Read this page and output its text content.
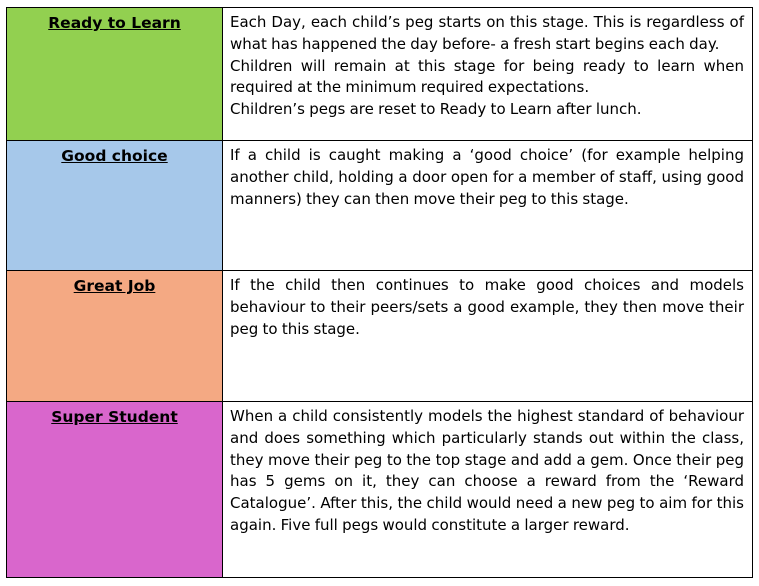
Ready to Learn	Each Day, each child’s peg starts on this stage. This is regardless of what has happened the day before- a fresh start begins each day.
Children will remain at this stage for being ready to learn when required at the minimum required expectations.
Children’s pegs are reset to Ready to Learn after lunch.

Good choice	If a child is caught making a ‘good choice’ (for example helping another child, holding a door open for a member of staff, using good manners) they can then move their peg to this stage.

Great Job	If the child then continues to make good choices and models behaviour to their peers/sets a good example, they then move their peg to this stage.

Super Student	When a child consistently models the highest standard of behaviour and does something which particularly stands out within the class, they move their peg to the top stage and add a gem. Once their peg has 5 gems on it, they can choose a reward from the ‘Reward Catalogue’. After this, the child would need a new peg to aim for this again. Five full pegs would constitute a larger reward.
